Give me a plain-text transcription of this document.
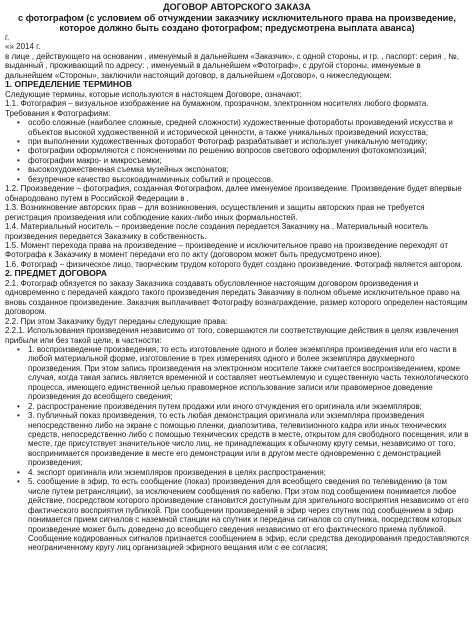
ДОГОВОР АВТОРСКОГО ЗАКАЗА
с фотографом (с условием об отчуждении заказчику исключительного права на произведение, которое должно быть создано фотографом; предусмотрена выплата аванса)

г.

«» 2014 г.

в лице , действующего на основании , именуемый в дальнейшем «Заказчик», с одной стороны, и гр. , паспорт: серия , №, выданный , проживающий по адресу: , именуемый в дальнейшем «Фотограф», с другой стороны, именуемые в дальнейшем «Стороны», заключили настоящий договор, в дальнейшем «Договор», о нижеследующем:

1. ОПРЕДЕЛЕНИЕ ТЕРМИНОВ

Следующие термины, которые используются в настоящем Договоре, означают:

1.1. Фотография – визуальное изображение на бумажном, прозрачном, электронном носителях любого формата. Требования к Фотографиям:

• особо сложные (наиболее сложные, средней сложности) художественные фотоработы произведений искусства и объектов высокой художественной и исторической ценности, а также уникальных произведений искусства;
• при выполнении художественных фоторабот Фотограф разрабатывает и использует уникальную методику;
• фотографии оформляются с пояснениями по решению вопросов светового оформления фотокомпозиций;
• фотографии макро- и микросъемки;
• высокохудожественная съемка музейных экспонатов;
• безупречное качество высокоадинамичных событий и процессов.

1.2. Произведение – фотография, созданная Фотографом, далее именуемое произведение. Произведение будет впервые обнародовано путем в Российской Федерации в .

1.3. Возникновение авторских прав – для возникновения, осуществления и защиты авторских прав не требуется регистрация произведения или соблюдение каких-либо иных формальностей.

1.4. Материальный носитель – произведение после создания передается Заказчику на . Материальный носитель произведения передается Заказчику в собственность.

1.5. Момент перехода права на произведение – произведение и исключительное право на произведение переходят от Фотографа к Заказчику в момент передачи его по акту (договором может быть предусмотрено иное).

1.6. Фотограф – физическое лицо, творческим трудом которого будет создано произведение. Фотограф является автором.

2. ПРЕДМЕТ ДОГОВОРА

2.1. Фотограф обязуется по заказу Заказчика создавать обусловленное настоящим договором произведения и одновременно с передачей каждого такого произведения передать Заказчику в полном объеме исключительное право на вновь созданное произведение. Заказчик выплачивает Фотографу вознаграждение, размер которого определен настоящим договором.

2.2. При этом Заказчику будут переданы следующие права:

2.2.1. Использования произведения независимо от того, совершаются ли соответствующие действия в целях извлечения прибыли или без такой цели, в частности:

• 1. воспроизведение произведения, то есть изготовление одного и более экземпляра произведения или его части в любой материальной форме, изготовление в трех измерениях одного и более экземпляра двухмерного произведения. При этом запись произведения на электронном носителе также считается воспроизведением, кроме случая, когда такая запись является временной и составляет неотъемлемую и существенную часть технологического процесса, имеющего единственной целью правомерное использование записи или правомерное доведение произведения до всеобщего сведения;
• 2. распространение произведения путем продажи или иного отчуждения его оригинала или экземпляров;
• 3. публичный показ произведения, то есть любая демонстрация оригинала или экземпляра произведения непосредственно либо на экране с помощью пленки, диапозитива, телевизионного кадра или иных технических средств, непосредственно либо с помощью технических средств в месте, открытом для свободного посещения, или в месте, где присутствует значительное число лиц, не принадлежащих к обычному кругу семьи, независимо от того, воспринимается произведение в месте его демонстрации или в другом месте одновременно с демонстрацией произведения;
• 4. экспорт оригинала или экземпляров произведения в целях распространения;
• 5. сообщение в эфир, то есть сообщение (показ) произведения для всеобщего сведения по телевидению (в том числе путем ретрансляции), за исключением сообщения по кабелю. При этом под сообщением понимается любое действие, посредством которого произведение становится доступным для зрительного восприятия независимо от его фактического восприятия публикой. При сообщении произведений в эфир через спутник под сообщением в эфир понимается прием сигналов с наземной станции на спутник и передача сигналов со спутника, посредством которых произведение может быть доведено до всеобщего сведения независимо от его фактического приема публикой. Сообщение кодированных сигналов признается сообщением в эфир, если средства декодирования предоставляются неограниченному кругу лиц организацией эфирного вещания или с ее согласия;
